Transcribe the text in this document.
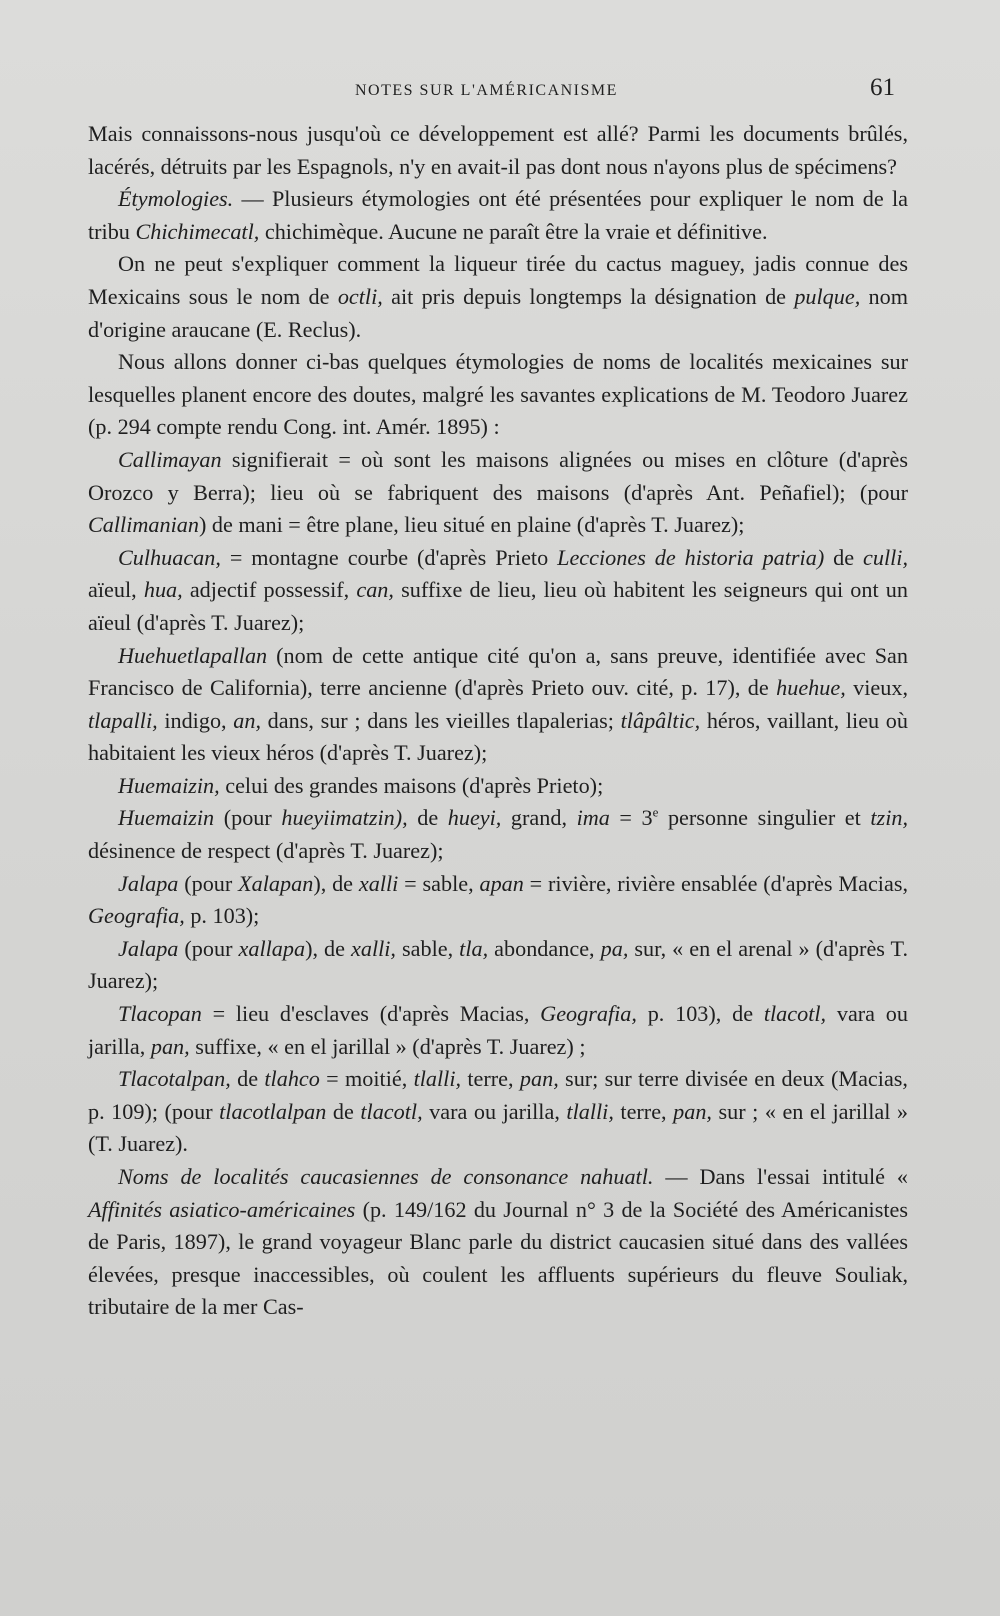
NOTES SUR L'AMÉRICANISME	61

Mais connaissons-nous jusqu'où ce développement est allé? Parmi les documents brûlés, lacérés, détruits par les Espagnols, n'y en avait-il pas dont nous n'ayons plus de spécimens?

Étymologies. — Plusieurs étymologies ont été présentées pour expliquer le nom de la tribu Chichimecatl, chichimèque. Aucune ne paraît être la vraie et définitive.

On ne peut s'expliquer comment la liqueur tirée du cactus maguey, jadis connue des Mexicains sous le nom de octli, ait pris depuis longtemps la désignation de pulque, nom d'origine araucane (E. Reclus).

Nous allons donner ci-bas quelques étymologies de noms de localités mexicaines sur lesquelles planent encore des doutes, malgré les savantes explications de M. Teodoro Juarez (p. 294 compte rendu Cong. int. Amér. 1895) :

Callimayan signifierait = où sont les maisons alignées ou mises en clôture (d'après Orozco y Berra); lieu où se fabriquent des maisons (d'après Ant. Peñafiel); (pour Callimanian) de mani = être plane, lieu situé en plaine (d'après T. Juarez);

Culhuacan, = montagne courbe (d'après Prieto Lecciones de historia patria) de culli, aïeul, hua, adjectif possessif, can, suffixe de lieu, lieu où habitent les seigneurs qui ont un aïeul (d'après T. Juarez);

Huehuetlapallan (nom de cette antique cité qu'on a, sans preuve, identifiée avec San Francisco de California), terre ancienne (d'après Prieto ouv. cité, p. 17), de huehue, vieux, tlapalli, indigo, an, dans, sur ; dans les vieilles tlapalerias; tlâpâltic, héros, vaillant, lieu où habitaient les vieux héros (d'après T. Juarez);

Huemaizin, celui des grandes maisons (d'après Prieto);

Huemaizin (pour hueyiimatzin), de hueyi, grand, ima = $3^e$ personne singulier et tzin, désinence de respect (d'après T. Juarez);

Jalapa (pour Xalapan), de xalli = sable, apan = rivière, rivière ensablée (d'après Macias, Geografia, p. 103);

Jalapa (pour xallapa), de xalli, sable, tla, abondance, pa, sur, « en el arenal » (d'après T. Juarez);

Tlacopan = lieu d'esclaves (d'après Macias, Geografia, p. 103), de tlacotl, vara ou jarilla, pan, suffixe, « en el jarillal » (d'après T. Juarez) ;

Tlacotalpan, de tlahco = moitié, tlalli, terre, pan, sur; sur terre divisée en deux (Macias, p. 109); (pour tlacotlalpan de tlacotl, vara ou jarilla, tlalli, terre, pan, sur ; « en el jarillal » (T. Juarez).

Noms de localités caucasiennes de consonance nahuatl. — Dans l'essai intitulé « Affinités asiatico-américaines (p. 149/162 du Journal n° 3 de la Société des Américanistes de Paris, 1897), le grand voyageur Blanc parle du district caucasien situé dans des vallées élevées, presque inaccessibles, où coulent les affluents supérieurs du fleuve Souliak, tributaire de la mer Cas-
